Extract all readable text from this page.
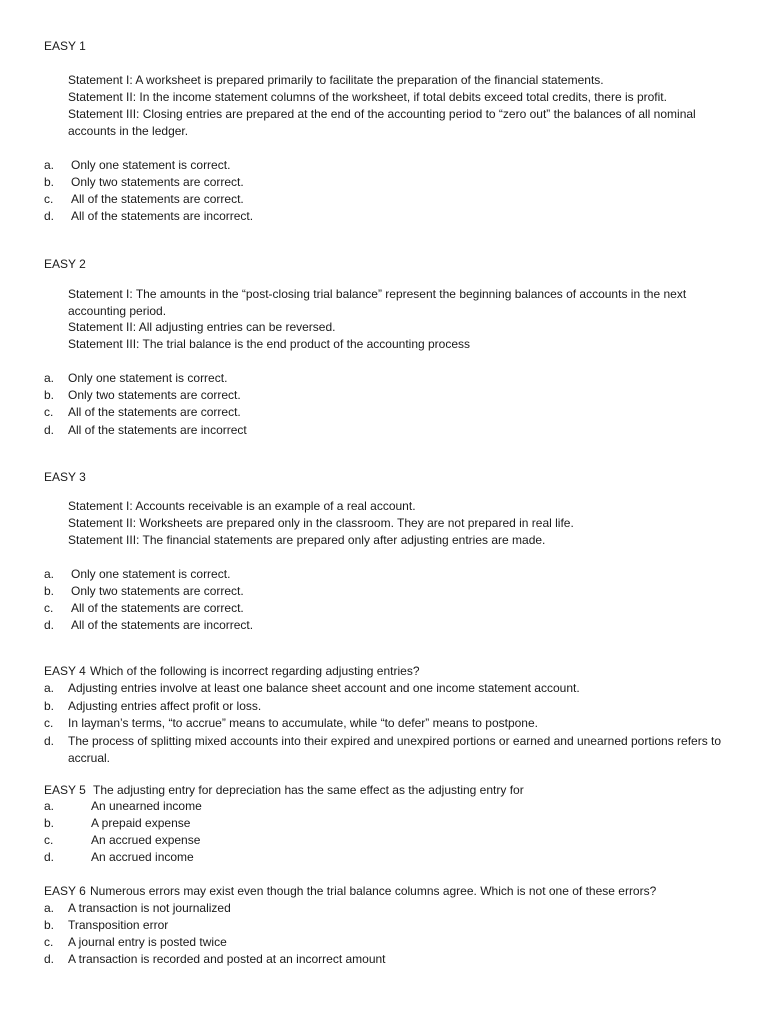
EASY 1
Statement I: A worksheet is prepared primarily to facilitate the preparation of the financial statements.
Statement II: In the income statement columns of the worksheet, if total debits exceed total credits, there is profit.
Statement III: Closing entries are prepared at the end of the accounting period to “zero out” the balances of all nominal accounts in the ledger.
a. Only one statement is correct.
b. Only two statements are correct.
c. All of the statements are correct.
d. All of the statements are incorrect.
EASY 2
Statement I: The amounts in the “post-closing trial balance” represent the beginning balances of accounts in the next accounting period.
Statement II: All adjusting entries can be reversed.
Statement III: The trial balance is the end product of the accounting process
a. Only one statement is correct.
b. Only two statements are correct.
c. All of the statements are correct.
d. All of the statements are incorrect
EASY 3
Statement I: Accounts receivable is an example of a real account.
Statement II: Worksheets are prepared only in the classroom. They are not prepared in real life.
Statement III: The financial statements are prepared only after adjusting entries are made.
a. Only one statement is correct.
b. Only two statements are correct.
c. All of the statements are correct.
d. All of the statements are incorrect.
EASY 4 Which of the following is incorrect regarding adjusting entries?
a. Adjusting entries involve at least one balance sheet account and one income statement account.
b. Adjusting entries affect profit or loss.
c. In layman’s terms, “to accrue” means to accumulate, while “to defer” means to postpone.
d. The process of splitting mixed accounts into their expired and unexpired portions or earned and unearned portions refers to accrual.
EASY 5 The adjusting entry for depreciation has the same effect as the adjusting entry for
a.	An unearned income
b.	A prepaid expense
c.	An accrued expense
d.	An accrued income
EASY 6 Numerous errors may exist even though the trial balance columns agree. Which is not one of these errors?
a. A transaction is not journalized
b. Transposition error
c. A journal entry is posted twice
d. A transaction is recorded and posted at an incorrect amount
